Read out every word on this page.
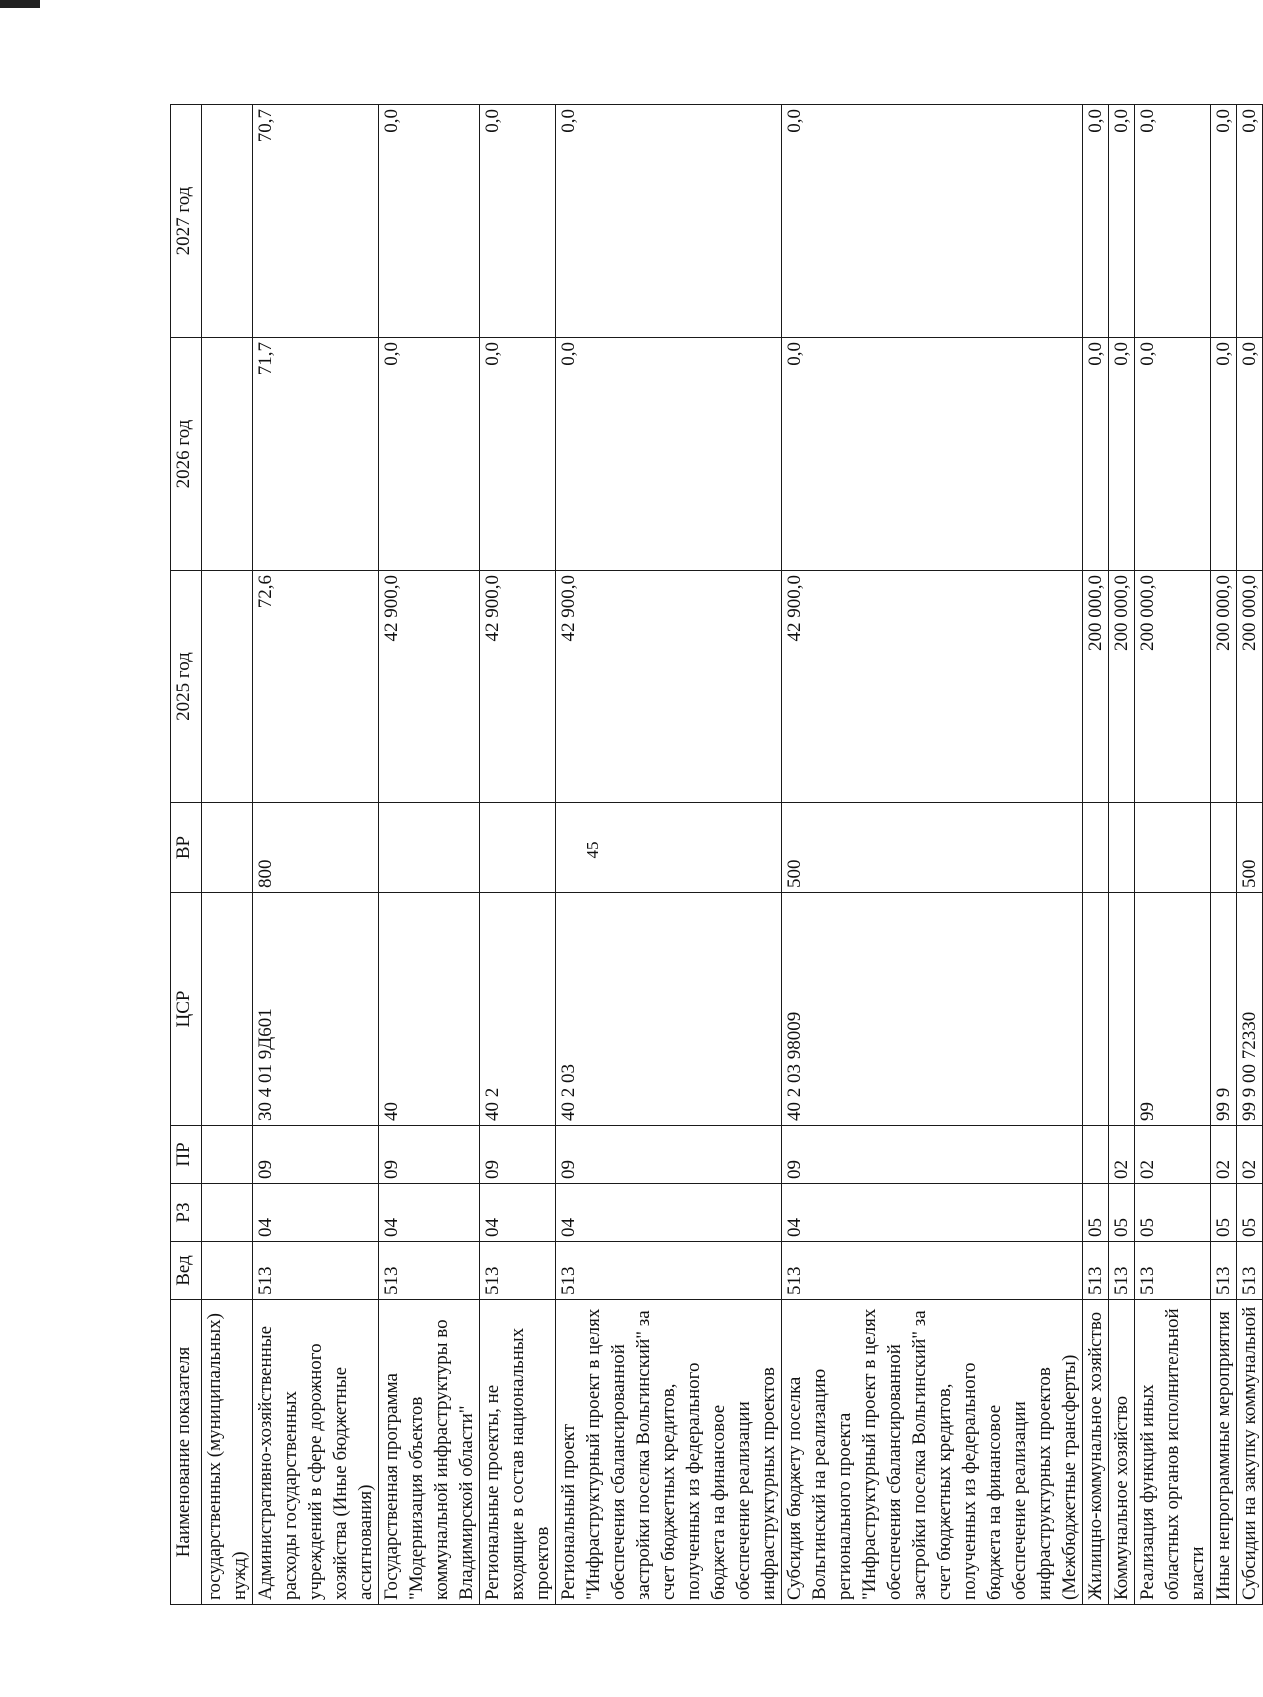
45
Наименование показателя	Вед	РЗ	ПР	ЦСР	ВР	2025 год	2026 год	2027 год
государственных (муниципальных) нужд)								
Административно-хозяйственные расходы государственных учреждений в сфере дорожного хозяйства (Иные бюджетные ассигнования)	513	04	09	30 4 01 9Д601	800	72,6	71,7	70,7
Государственная программа "Модернизация объектов коммунальной инфраструктуры во Владимирской области"	513	04	09	40		42 900,0	0,0	0,0
Региональные проекты, не входящие в состав национальных проектов	513	04	09	40 2		42 900,0	0,0	0,0
Региональный проект "Инфраструктурный проект в целях обеспечения сбалансированной застройки поселка Вольгинский" за счет бюджетных кредитов, полученных из федерального бюджета на финансовое обеспечение реализации инфраструктурных проектов	513	04	09	40 2 03		42 900,0	0,0	0,0
Субсидия бюджету поселка Вольгинский на реализацию регионального проекта "Инфраструктурный проект в целях обеспечения сбалансированной застройки поселка Вольгинский" за счет бюджетных кредитов, полученных из федерального бюджета на финансовое обеспечение реализации инфраструктурных проектов (Межбюджетные трансферты)	513	04	09	40 2 03 98009	500	42 900,0	0,0	0,0
Жилищно-коммунальное хозяйство	513	05				200 000,0	0,0	0,0
Коммунальное хозяйство	513	05	02			200 000,0	0,0	0,0
Реализация функций иных областных органов исполнительной власти	513	05	02	99		200 000,0	0,0	0,0
Иные непрограммные мероприятия	513	05	02	99 9		200 000,0	0,0	0,0
Субсидии на закупку коммунальной	513	05	02	99 9 00 72330	500	200 000,0	0,0	0,0
